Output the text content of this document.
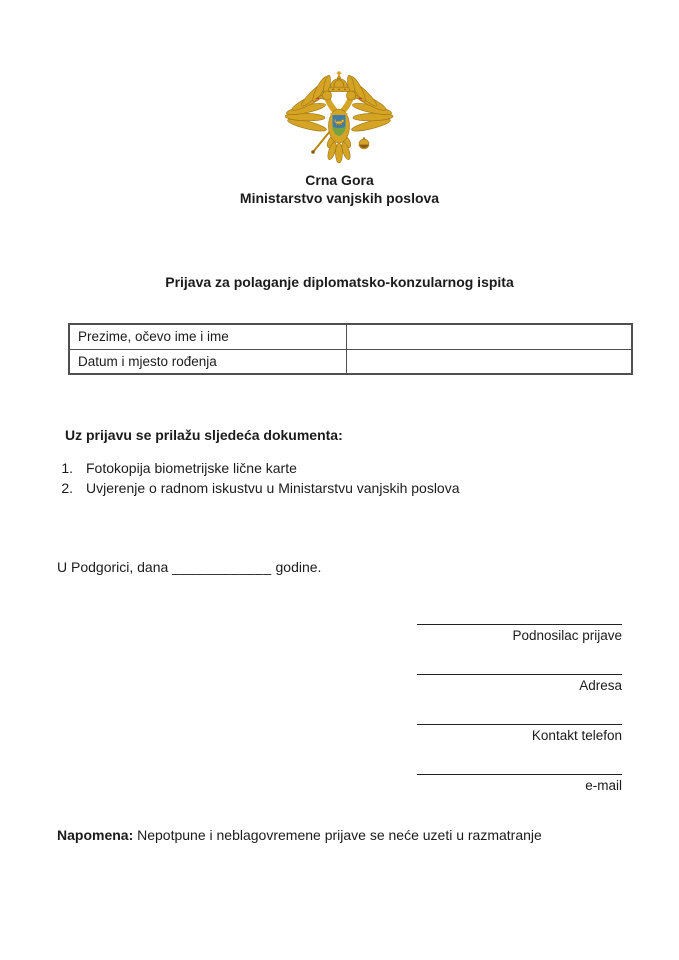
Crna Gora
Ministarstvo vanjskih poslova
Prijava za polaganje diplomatsko-konzularnog ispita
Prezime, očevo ime i ime	
Datum i mjesto rođenja	
Uz prijavu se prilažu sljedeća dokumenta:
1. Fotokopija biometrijske lične karte
2. Uvjerenje o radnom iskustvu u Ministarstvu vanjskih poslova
U Podgorici, dana ____________ godine.
Podnosilac prijave
Adresa
Kontakt telefon
e-mail
Napomena: Nepotpune i neblagovremene prijave se neće uzeti u razmatranje
